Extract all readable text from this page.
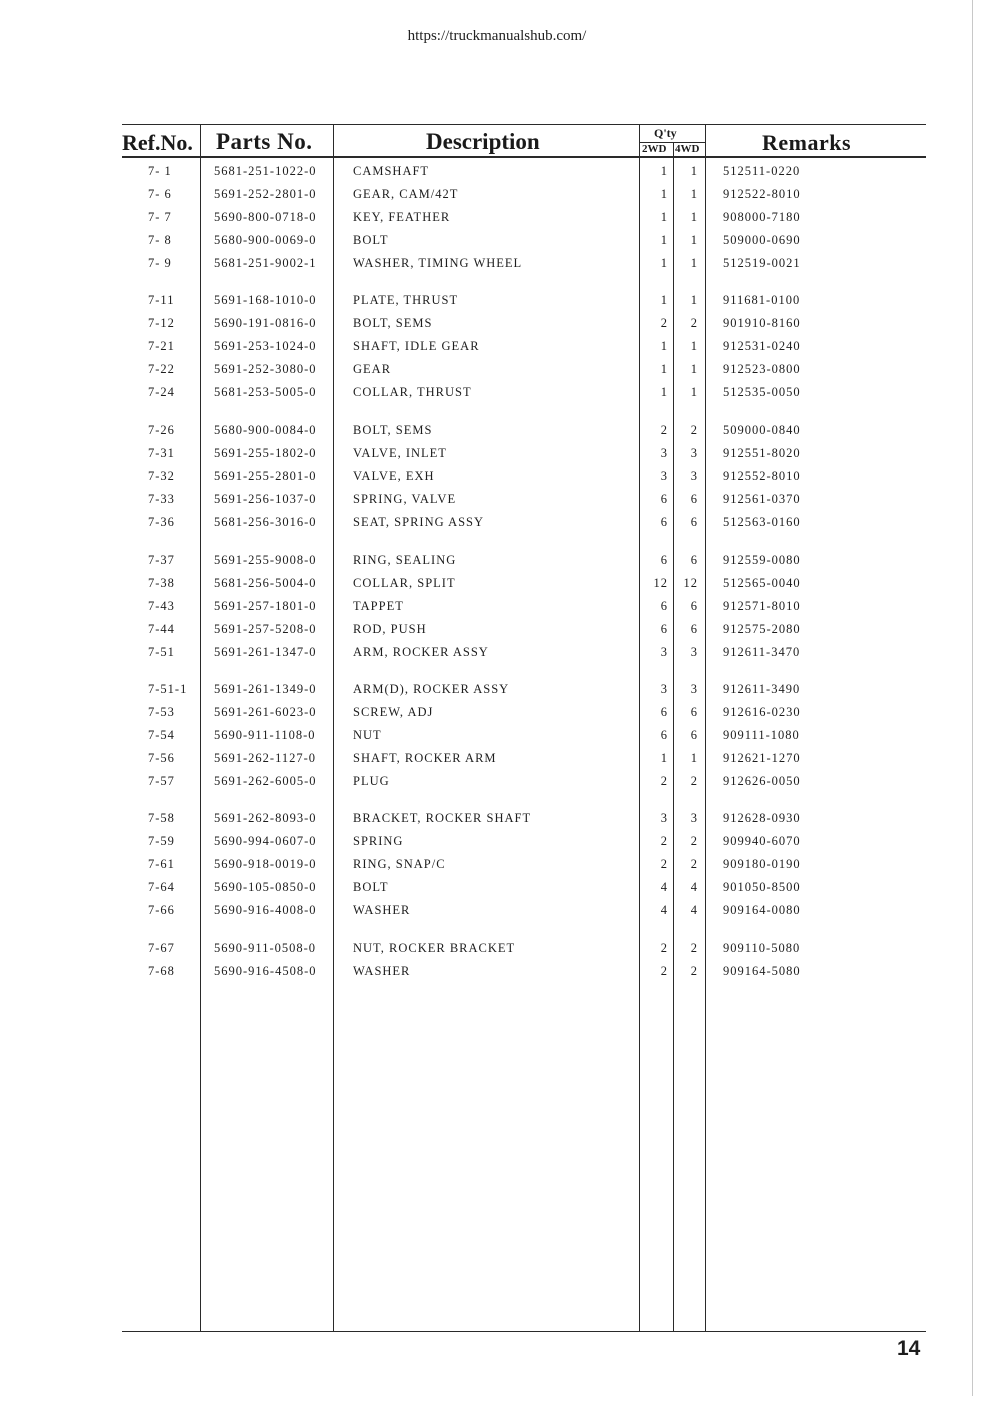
https://truckmanualshub.com/
Ref.No. Parts No.	Description	Q'ty
2WD 4WD	Remarks
7- 1	5681-251-1022-0	CAMSHAFT	1	1 512511-0220
7- 6	5691-252-2801-0	GEAR, CAM/42T	1	1 912522-8010
7- 7	5690-800-0718-0	KEY, FEATHER	1	1 908000-7180
7- 8	5680-900-0069-0	BOLT	1	1 509000-0690
7- 9	5681-251-9002-1	WASHER, TIMING WHEEL	1	1 512519-0021
7-11	5691-168-1010-0	PLATE, THRUST	1	1 911681-0100
7-12	5690-191-0816-0	BOLT, SEMS	2	2 901910-8160
7-21	5691-253-1024-0	SHAFT, IDLE GEAR	1	1 912531-0240
7-22	5691-252-3080-0	GEAR	1	1 912523-0800
7-24	5681-253-5005-0	COLLAR, THRUST	1	1 512535-0050
7-26	5680-900-0084-0	BOLT, SEMS	2	2 509000-0840
7-31	5691-255-1802-0	VALVE, INLET	3	3 912551-8020
7-32	5691-255-2801-0	VALVE, EXH	3	3 912552-8010
7-33	5691-256-1037-0	SPRING, VALVE	6	6 912561-0370
7-36	5681-256-3016-0	SEAT, SPRING ASSY	6	6 512563-0160
7-37	5691-255-9008-0	RING, SEALING	6	6 912559-0080
7-38	5681-256-5004-0	COLLAR, SPLIT	12	12 512565-0040
7-43	5691-257-1801-0	TAPPET	6	6 912571-8010
7-44	5691-257-5208-0	ROD, PUSH	6	6 912575-2080
7-51	5691-261-1347-0	ARM, ROCKER ASSY	3	3 912611-3470
7-51-1 5691-261-1349-0	ARM(D), ROCKER ASSY	3	3 912611-3490
7-53	5691-261-6023-0	SCREW, ADJ	6	6 912616-0230
7-54	5690-911-1108-0	NUT	6	6 909111-1080
7-56	5691-262-1127-0	SHAFT, ROCKER ARM	1	1 912621-1270
7-57	5691-262-6005-0	PLUG	2	2 912626-0050
7-58	5691-262-8093-0	BRACKET, ROCKER SHAFT	3	3 912628-0930
7-59	5690-994-0607-0	SPRING	2	2 909940-6070
7-61	5690-918-0019-0	RING, SNAP/C	2	2 909180-0190
7-64	5690-105-0850-0	BOLT	4	4 901050-8500
7-66	5690-916-4008-0	WASHER	4	4 909164-0080
7-67	5690-911-0508-0	NUT, ROCKER BRACKET	2	2 909110-5080
7-68	5690-916-4508-0	WASHER	2	2 909164-5080
14
